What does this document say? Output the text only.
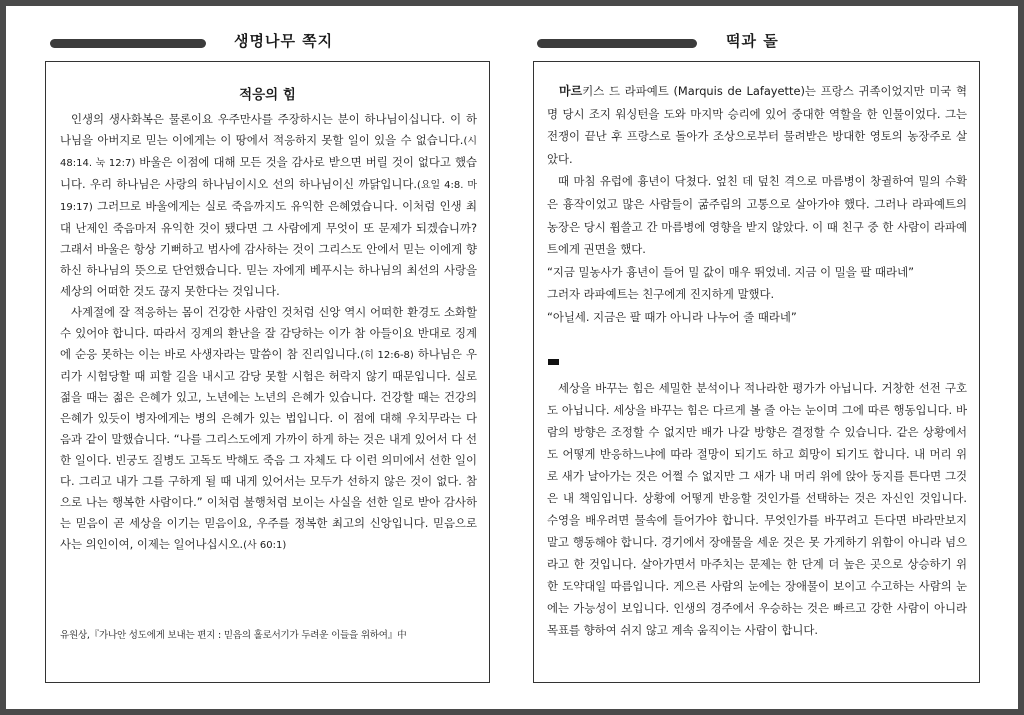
생명나무 쪽지	떡과 돌
적응의 힘

인생의 생사화복은 물론이요 우주만사를 주장하시는 분이 하나님이십니다. 이 하나님을 아버지로 믿는 이에게는 이 땅에서 적응하지 못할 일이 있을 수 없습니다.(시 48:14. 눅 12:7) 바울은 이점에 대해 모든 것을 감사로 받으면 버릴 것이 없다고 했습니다. 우리 하나님은 사랑의 하나님이시오 선의 하나님이신 까닭입니다.(요일 4:8. 마 19:17) 그러므로 바울에게는 실로 죽음까지도 유익한 은혜였습니다. 이처럼 인생 최대 난제인 죽음마저 유익한 것이 됐다면 그 사람에게 무엇이 또 문제가 되겠습니까? 그래서 바울은 항상 기뻐하고 범사에 감사하는 것이 그리스도 안에서 믿는 이에게 향하신 하나님의 뜻으로 단언했습니다. 믿는 자에게 베푸시는 하나님의 최선의 사랑을 세상의 어떠한 것도 끊지 못한다는 것입니다.

사계절에 잘 적응하는 몸이 건강한 사람인 것처럼 신앙 역시 어떠한 환경도 소화할 수 있어야 합니다. 따라서 징계의 환난을 잘 감당하는 이가 참 아들이요 반대로 징계에 순응 못하는 이는 바로 사생자라는 말씀이 참 진리입니다.(히 12:6-8) 하나님은 우리가 시험당할 때 피할 길을 내시고 감당 못할 시험은 허락지 않기 때문입니다. 실로 젊을 때는 젊은 은혜가 있고, 노년에는 노년의 은혜가 있습니다. 건강할 때는 건강의 은혜가 있듯이 병자에게는 병의 은혜가 있는 법입니다. 이 점에 대해 우치무라는 다음과 같이 말했습니다. “나를 그리스도에게 가까이 하게 하는 것은 내게 있어서 다 선한 일이다. 빈궁도 질병도 고독도 박해도 죽음 그 자체도 다 이런 의미에서 선한 일이다. 그리고 내가 그를 구하게 될 때 내게 있어서는 모두가 선하지 않은 것이 없다. 참으로 나는 행복한 사람이다.” 이처럼 불행처럼 보이는 사실을 선한 일로 받아 감사하는 믿음이 곧 세상을 이기는 믿음이요, 우주를 정복한 최고의 신앙입니다. 믿음으로 사는 의인이여, 이제는 일어나십시오.(사 60:1)

유원상,『가나안 성도에게 보내는 편지 : 믿음의 홀로서기가 두려운 이들을 위하여』中

마르키스 드 라파예트 (Marquis de Lafayette)는 프랑스 귀족이었지만 미국 혁명 당시 조지 워싱턴을 도와 마지막 승리에 있어 중대한 역할을 한 인물이었다. 그는 전쟁이 끝난 후 프랑스로 돌아가 조상으로부터 물려받은 방대한 영토의 농장주로 살았다.

때 마침 유럽에 흉년이 닥쳤다. 엎친 데 덮친 격으로 마름병이 창궐하여 밀의 수확은 흉작이었고 많은 사람들이 굶주림의 고통으로 살아가야 했다. 그러나 라파예트의 농장은 당시 휩쓸고 간 마름병에 영향을 받지 않았다. 이 때 친구 중 한 사람이 라파예트에게 권면을 했다.

“지금 밀농사가 흉년이 들어 밀 값이 매우 뛰었네. 지금 이 밀을 팔 때라네”

그러자 라파예트는 친구에게 진지하게 말했다.

“아닐세. 지금은 팔 때가 아니라 나누어 줄 때라네”

세상을 바꾸는 힘은 세밀한 분석이나 적나라한 평가가 아닙니다. 거창한 선전 구호도 아닙니다. 세상을 바꾸는 힘은 다르게 볼 줄 아는 눈이며 그에 따른 행동입니다. 바람의 방향은 조정할 수 없지만 배가 나갈 방향은 결정할 수 있습니다. 같은 상황에서도 어떻게 반응하느냐에 따라 절망이 되기도 하고 희망이 되기도 합니다. 내 머리 위로 새가 날아가는 것은 어쩔 수 없지만 그 새가 내 머리 위에 앉아 둥지를 튼다면 그것은 내 책임입니다. 상황에 어떻게 반응할 것인가를 선택하는 것은 자신인 것입니다. 수영을 배우려면 물속에 들어가야 합니다. 무엇인가를 바꾸려고 든다면 바라만보지 말고 행동해야 합니다. 경기에서 장애물을 세운 것은 못 가게하기 위함이 아니라 넘으라고 한 것입니다. 살아가면서 마주치는 문제는 한 단계 더 높은 곳으로 상승하기 위한 도약대일 따름입니다. 게으른 사람의 눈에는 장애물이 보이고 수고하는 사람의 눈에는 가능성이 보입니다. 인생의 경주에서 우승하는 것은 빠르고 강한 사람이 아니라 목표를 향하여 쉬지 않고 계속 움직이는 사람이 합니다.
